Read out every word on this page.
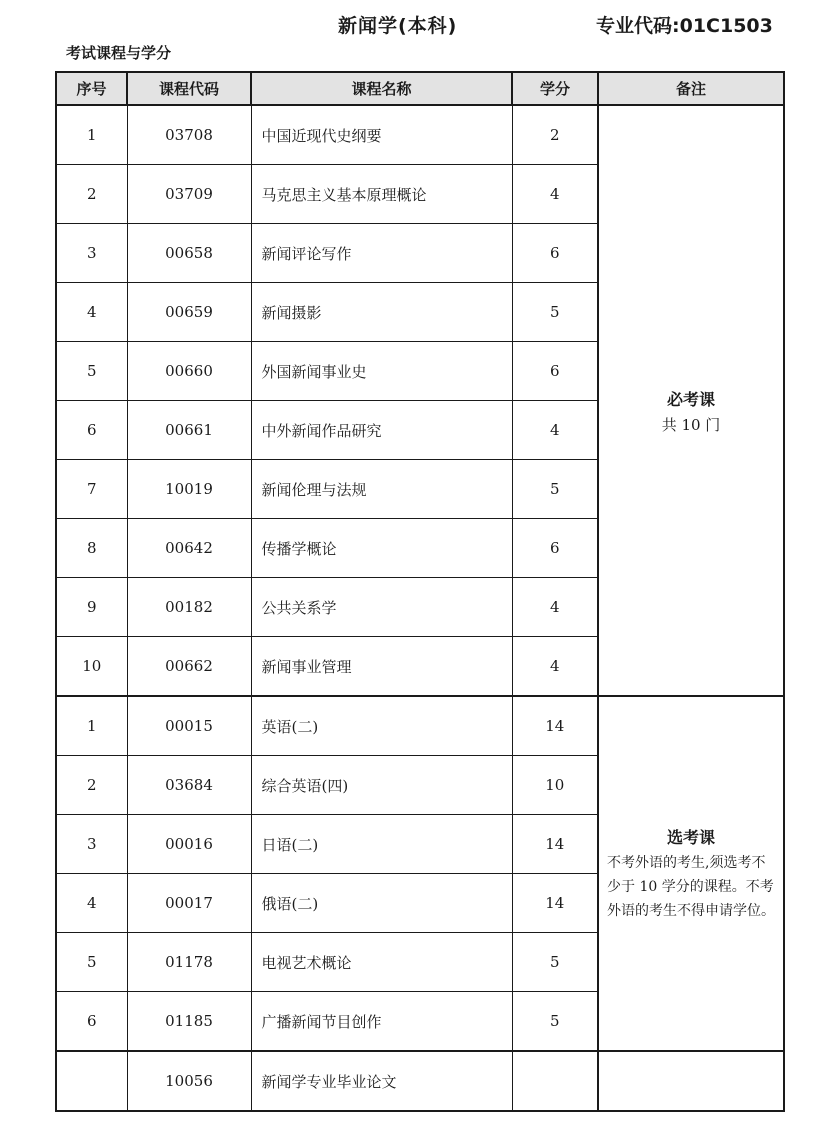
新闻学(本科)	专业代码:01C1503
考试课程与学分
序号	课程代码	课程名称	学分	备注
1	03708	中国近现代史纲要	2	必考课
共 10 门

2	03709	马克思主义基本原理概论	4	
3	00658	新闻评论写作	6	
4	00659	新闻摄影	5	
5	00660	外国新闻事业史	6	
6	00661	中外新闻作品研究	4	
7	10019	新闻伦理与法规	5	
8	00642	传播学概论	6	
9	00182	公共关系学	4	
10	00662	新闻事业管理	4	
1	00015	英语(二)	14	选考课
不考外语的考生,须选考不少于 10 学分的课程。不考外语的考生不得申请学位。

2	03684	综合英语(四)	10	
3	00016	日语(二)	14	
4	00017	俄语(二)	14	
5	01178	电视艺术概论	5	
6	01185	广播新闻节目创作	5	
	10056	新闻学专业毕业论文		
